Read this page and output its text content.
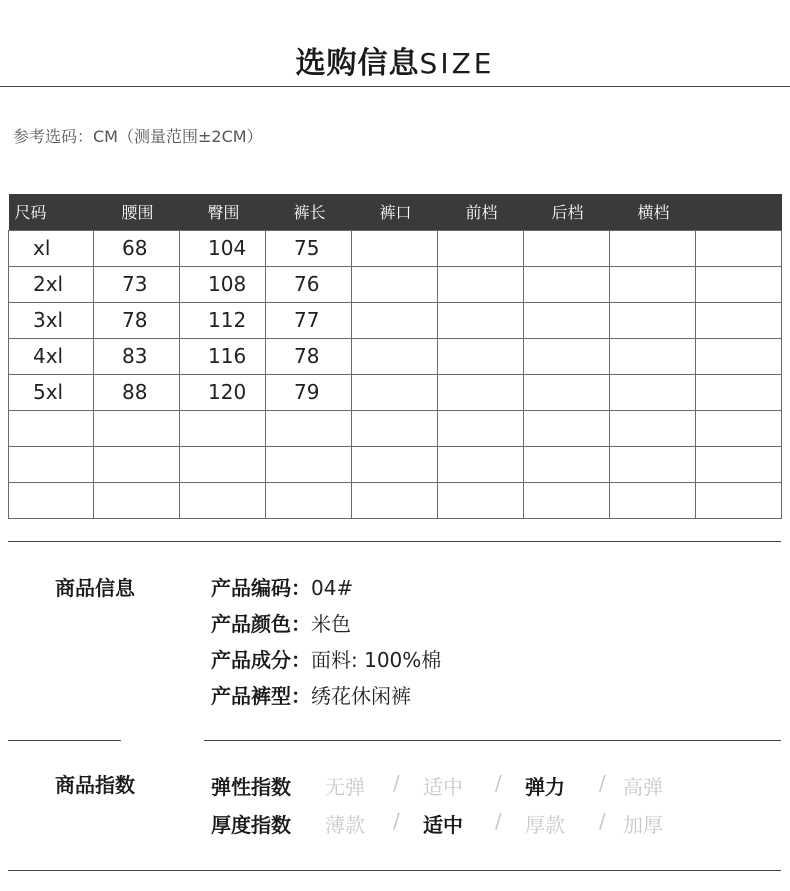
选购信息SIZE
参考选码：CM（测量范围±2CM）
尺码	腰围	臀围	裤长	裤口	前档	后档	横档	
xl	68	104	75					
2xl	73	108	76					
3xl	78	112	77					
4xl	83	116	78					
5xl	88	120	79					

商品信息	产品编码：04#
产品颜色：米色
产品成分：面料: 100%棉
产品裤型：绣花休闲裤
商品指数	弹性指数 无弹 / 适中 / 弹力 / 高弹
厚度指数 薄款 / 适中 / 厚款 / 加厚
